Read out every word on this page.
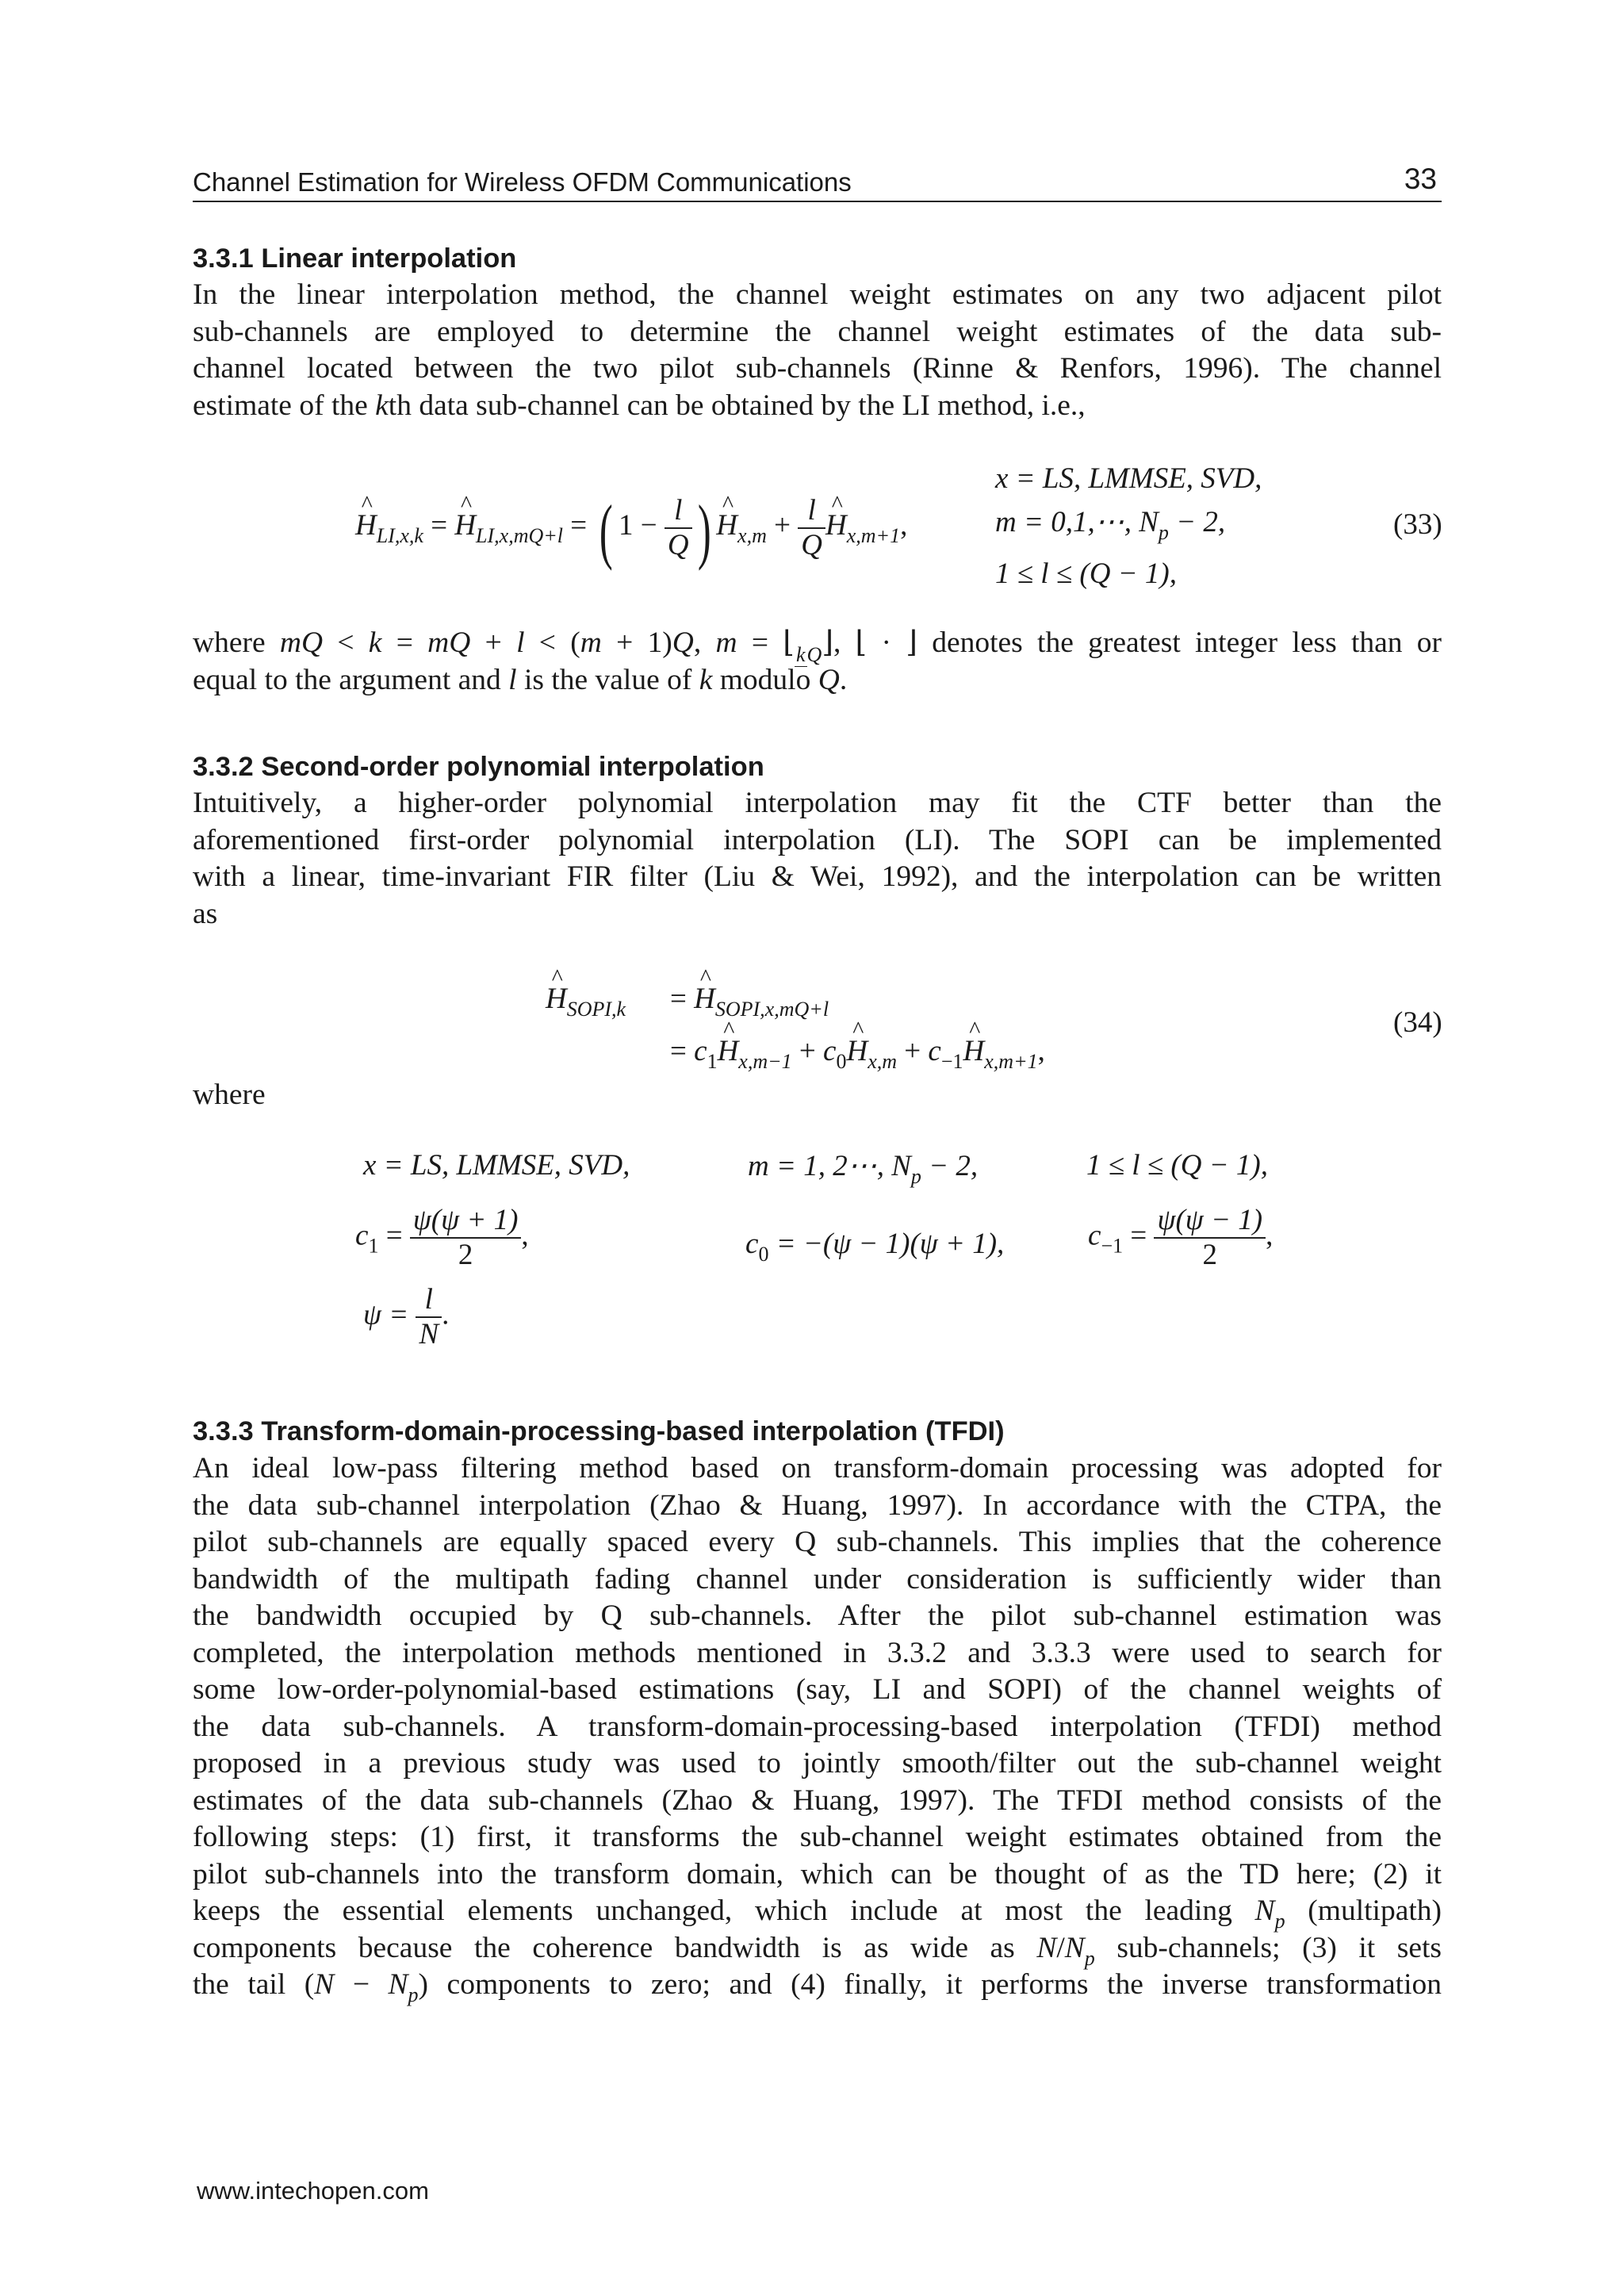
Channel Estimation for Wireless OFDM Communications	33
3.3.1 Linear interpolation
In the linear interpolation method, the channel weight estimates on any two adjacent pilot
sub-channels are employed to determine the channel weight estimates of the data sub-
channel located between the two pilot sub-channels (Rinne & Renfors, 1996). The channel
estimate of the kth data sub-channel can be obtained by the LI method, i.e.,
^ $H_{LI,x,k}$ = ^ $H_{LI,x,mQ+l}$ = ( $1 - \frac{l}{Q}$ ) ^ $H_{x,m} + \frac{l}{Q}$ ^ $H_{x,m+1}$,
x = LS, LMMSE, SVD,
m = 0,1,⋯, $N_p - 2$,
1 ≤ l ≤ (Q − 1),
(33)
where mQ < k = mQ + l < (m + 1)Q, $m = ⌊_{kQ}⌋$, ⌊ · ⌋ denotes the greatest integer less than or
equal to the argument and l is the value of k modulo Q.
3.3.2 Second-order polynomial interpolation
Intuitively, a higher-order polynomial interpolation may fit the CTF better than the
aforementioned first-order polynomial interpolation (LI). The SOPI can be implemented
with a linear, time-invariant FIR filter (Liu & Wei, 1992), and the interpolation can be written
as
^ $H_{SOPI,k}$ = ^ $H_{SOPI,x,mQ+l}$
= $c_1\^{}$ $H_{x,m-1}$ + $c_0\^{}$ $H_{x,m}$ + $c_{-1}\^{}$ $H_{x,m+1}$,
(34)
where
x = LS, LMMSE, SVD,	m = 1, 2⋯, $N_p - 2$,	1 ≤ l ≤ (Q − 1),
$c_1 = \frac{\psi(\psi + 1)}{2}$ ,	$c_0 = -(\psi - 1)(\psi + 1)$,	$c_{-1} = \frac{\psi(\psi - 1)}{2}$ ,
$\psi = \frac{l}{N}$ .
3.3.3 Transform-domain-processing-based interpolation (TFDI)
An ideal low-pass filtering method based on transform-domain processing was adopted for
the data sub-channel interpolation (Zhao & Huang, 1997). In accordance with the CTPA, the
pilot sub-channels are equally spaced every Q sub-channels. This implies that the coherence
bandwidth of the multipath fading channel under consideration is sufficiently wider than
the bandwidth occupied by Q sub-channels. After the pilot sub-channel estimation was
completed, the interpolation methods mentioned in 3.3.2 and 3.3.3 were used to search for
some low-order-polynomial-based estimations (say, LI and SOPI) of the channel weights of
the data sub-channels. A transform-domain-processing-based interpolation (TFDI) method
proposed in a previous study was used to jointly smooth/filter out the sub-channel weight
estimates of the data sub-channels (Zhao & Huang, 1997). The TFDI method consists of the
following steps: (1) first, it transforms the sub-channel weight estimates obtained from the
pilot sub-channels into the transform domain, which can be thought of as the TD here; (2) it
keeps the essential elements unchanged, which include at most the leading $N_p$ (multipath)
components because the coherence bandwidth is as wide as $N/N_p$ sub-channels; (3) it sets
the tail $(N - N_p)$ components to zero; and (4) finally, it performs the inverse transformation
www.intechopen.com
